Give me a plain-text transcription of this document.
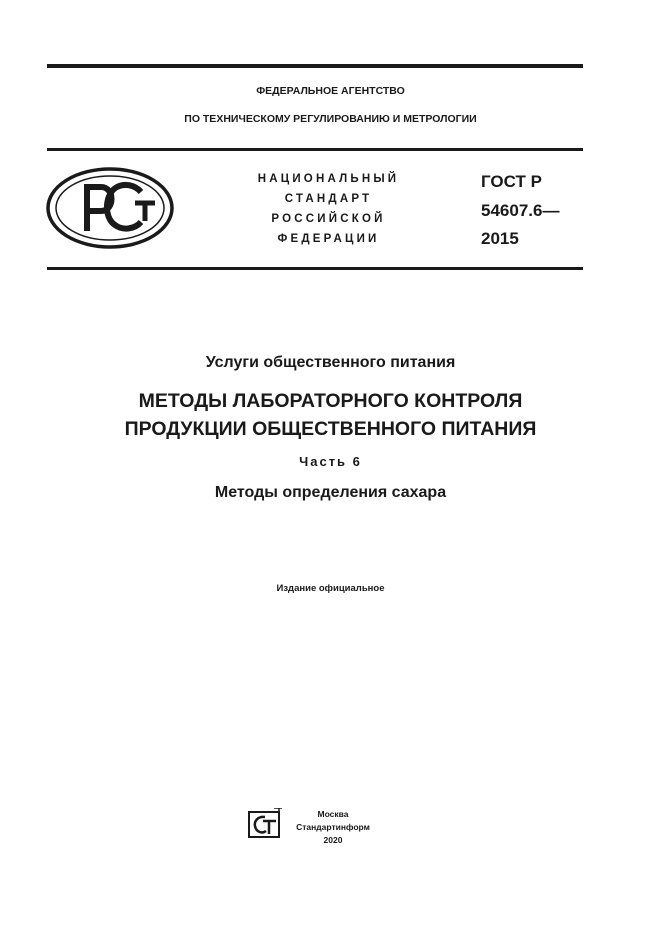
ФЕДЕРАЛЬНОЕ АГЕНТСТВО
ПО ТЕХНИЧЕСКОМУ РЕГУЛИРОВАНИЮ И МЕТРОЛОГИИ
НАЦИОНАЛЬНЫЙ
СТАНДАРТ
РОССИЙСКОЙ
ФЕДЕРАЦИИ
ГОСТ Р
54607.6—
2015
Услуги общественного питания
МЕТОДЫ ЛАБОРАТОРНОГО КОНТРОЛЯ
ПРОДУКЦИИ ОБЩЕСТВЕННОГО ПИТАНИЯ
Часть 6
Методы определения сахара
Издание официальное
Москва
Стандартинформ
2020
